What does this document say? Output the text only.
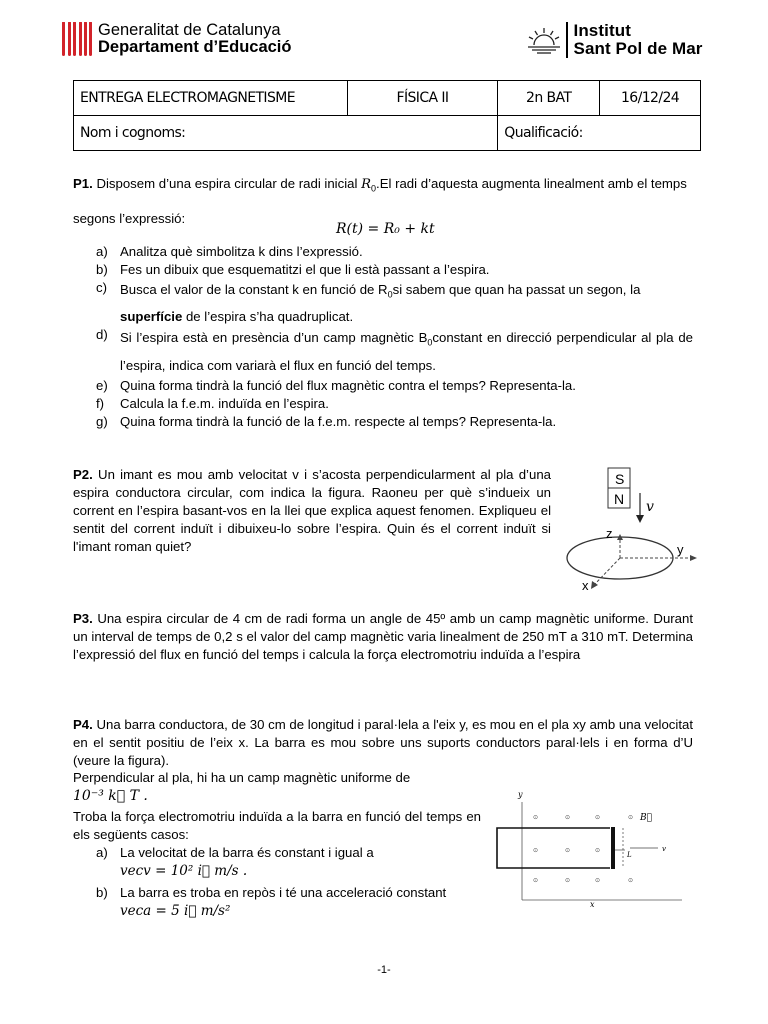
Generalitat de Catalunya
Departament d’Educació
Institut
Sant Pol de Mar
ENTREGA ELECTROMAGNETISME	FÍSICA II	2n BAT	16/12/24
Nom i cognoms:		Qualificació:	
P1. Disposem d’una espira circular de radi inicial $R_0.El$ radi d’aquesta augmenta linealment amb el temps segons l’expressió:
R(t) = R₀ + kt
a) Analitza què simbolitza k dins l’expressió.
b) Fes un dibuix que esquematitzi el que li està passant a l’espira.
c) Busca el valor de la constant k en funció de $R_0si$ sabem que quan ha passat un segon, la
superfície de l’espira s’ha quadruplicat.
d) Si l’espira està en presència d’un camp magnètic $B_0constant$ en direcció perpendicular al pla de l’espira, indica com variarà el flux en funció del temps.
e) Quina forma tindrà la funció del flux magnètic contra el temps? Representa-la.
f)	Calcula la f.e.m. induïda en l’espira.
g) Quina forma tindrà la funció de la f.e.m. respecte al temps? Representa-la.
P2. Un imant es mou amb velocitat v i s’acosta perpendicularment al pla d’una espira conductora circular, com indica la figura. Raoneu per què s’indueix un corrent en l’espira basant-vos en la llei que explica aquest fenomen. Expliqueu el sentit del corrent induït i dibuixeu-lo sobre l’espira. Quin és el corrent induït si l'imant roman quiet?
S
N v
z
y
x
P3. Una espira circular de 4 cm de radi forma un angle de 45º amb un camp magnètic uniforme. Durant un interval de temps de 0,2 s el valor del camp magnètic varia linealment de 250 mT a 310 mT. Determina l’expressió del flux en funció del temps i calcula la força electromotriu induïda a l’espira
P4. Una barra conductora, de 30 cm de longitud i paral·lela a l'eix y, es mou en el pla xy amb una velocitat en el sentit positiu de l’eix x. La barra es mou sobre uns suports conductors paral·lels i en forma d’U (veure la figura).
Perpendicular al pla, hi ha un camp magnètic uniforme de
10⁻³ k⃗ T .
Troba la força electromotriu induïda a la barra en funció del temps en els següents casos:
a) La velocitat de la barra és constant i igual a
vecv = 10² i⃗ m/s .
b) La barra es troba en repòs i té una acceleració constant
veca = 5 i⃗ m/s²
y
x
L
v
B⃗
⊙	⊙	⊙	⊙
⊙	⊙	⊙
⊙	⊙	⊙	⊙
-1-
